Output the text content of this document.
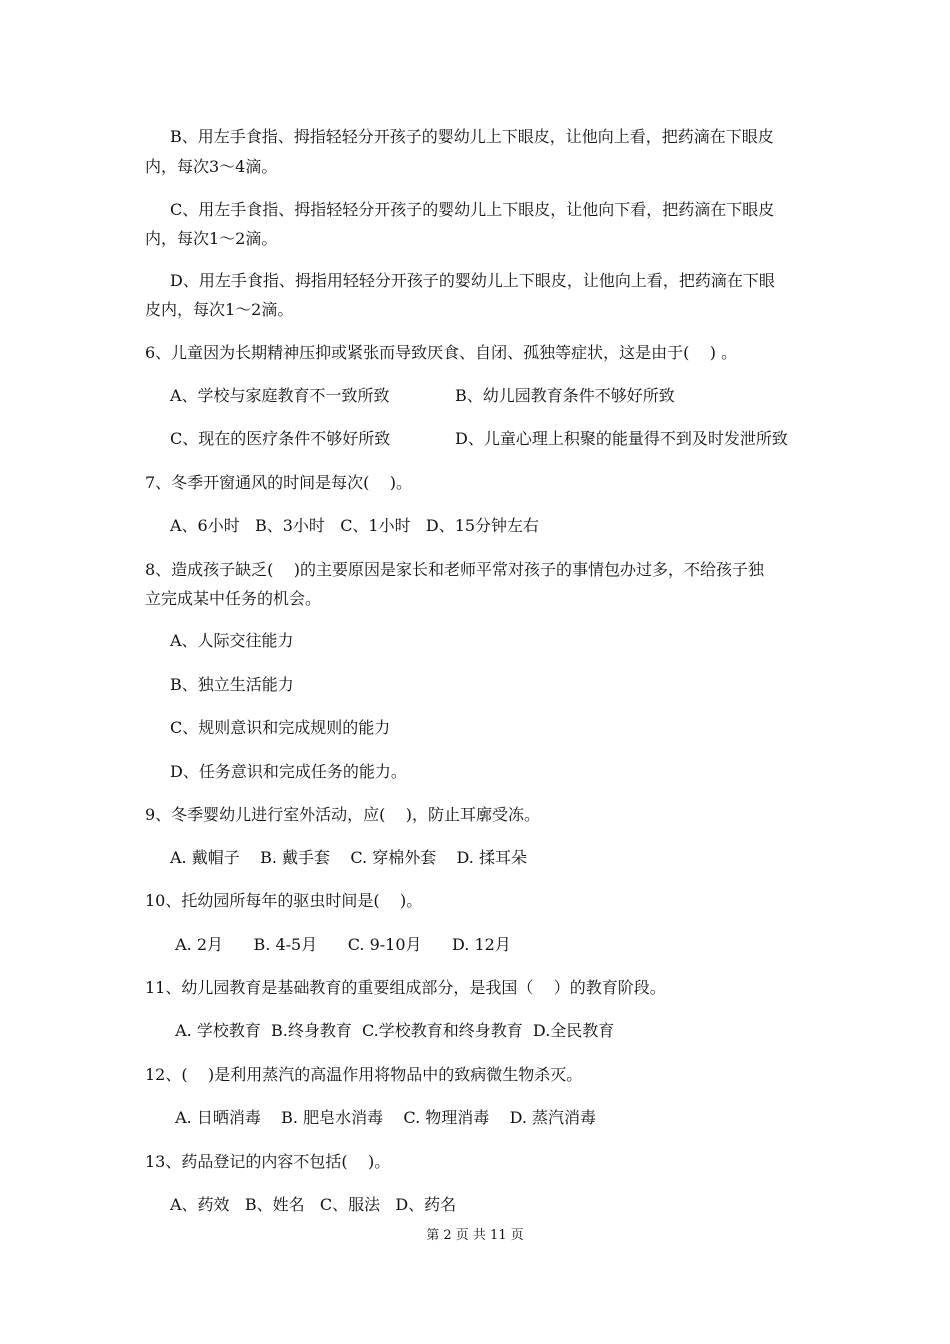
B、用左手食指、拇指轻轻分开孩子的婴幼儿上下眼皮，让他向上看，把药滴在下眼皮
内，每次3～4滴。
C、用左手食指、拇指轻轻分开孩子的婴幼儿上下眼皮，让他向下看，把药滴在下眼皮
内，每次1～2滴。
D、用左手食指、拇指用轻轻分开孩子的婴幼儿上下眼皮，让他向上看，把药滴在下眼
皮内，每次1～2滴。
6、儿童因为长期精神压抑或紧张而导致厌食、自闭、孤独等症状，这是由于(    ) 。
A、学校与家庭教育不一致所致	B、幼儿园教育条件不够好所致
C、现在的医疗条件不够好所致	D、儿童心理上积聚的能量得不到及时发泄所致
7、冬季开窗通风的时间是每次(    )。
A、6小时   B、3小时   C、1小时   D、15分钟左右
8、造成孩子缺乏(    )的主要原因是家长和老师平常对孩子的事情包办过多，不给孩子独
立完成某中任务的机会。
A、人际交往能力
B、独立生活能力
C、规则意识和完成规则的能力
D、任务意识和完成任务的能力。
9、冬季婴幼儿进行室外活动，应(    )，防止耳廓受冻。
A. 戴帽子    B. 戴手套    C. 穿棉外套    D. 揉耳朵
10、托幼园所每年的驱虫时间是(    )。
A. 2月      B. 4-5月      C. 9-10月      D. 12月
11、幼儿园教育是基础教育的重要组成部分，是我国（    ）的教育阶段。
A. 学校教育  B.终身教育  C.学校教育和终身教育  D.全民教育
12、(    )是利用蒸汽的高温作用将物品中的致病微生物杀灭。
A. 日晒消毒    B. 肥皂水消毒    C. 物理消毒    D. 蒸汽消毒
13、药品登记的内容不包括(    )。
A、药效   B、姓名   C、服法   D、药名
第 2 页 共 11 页
